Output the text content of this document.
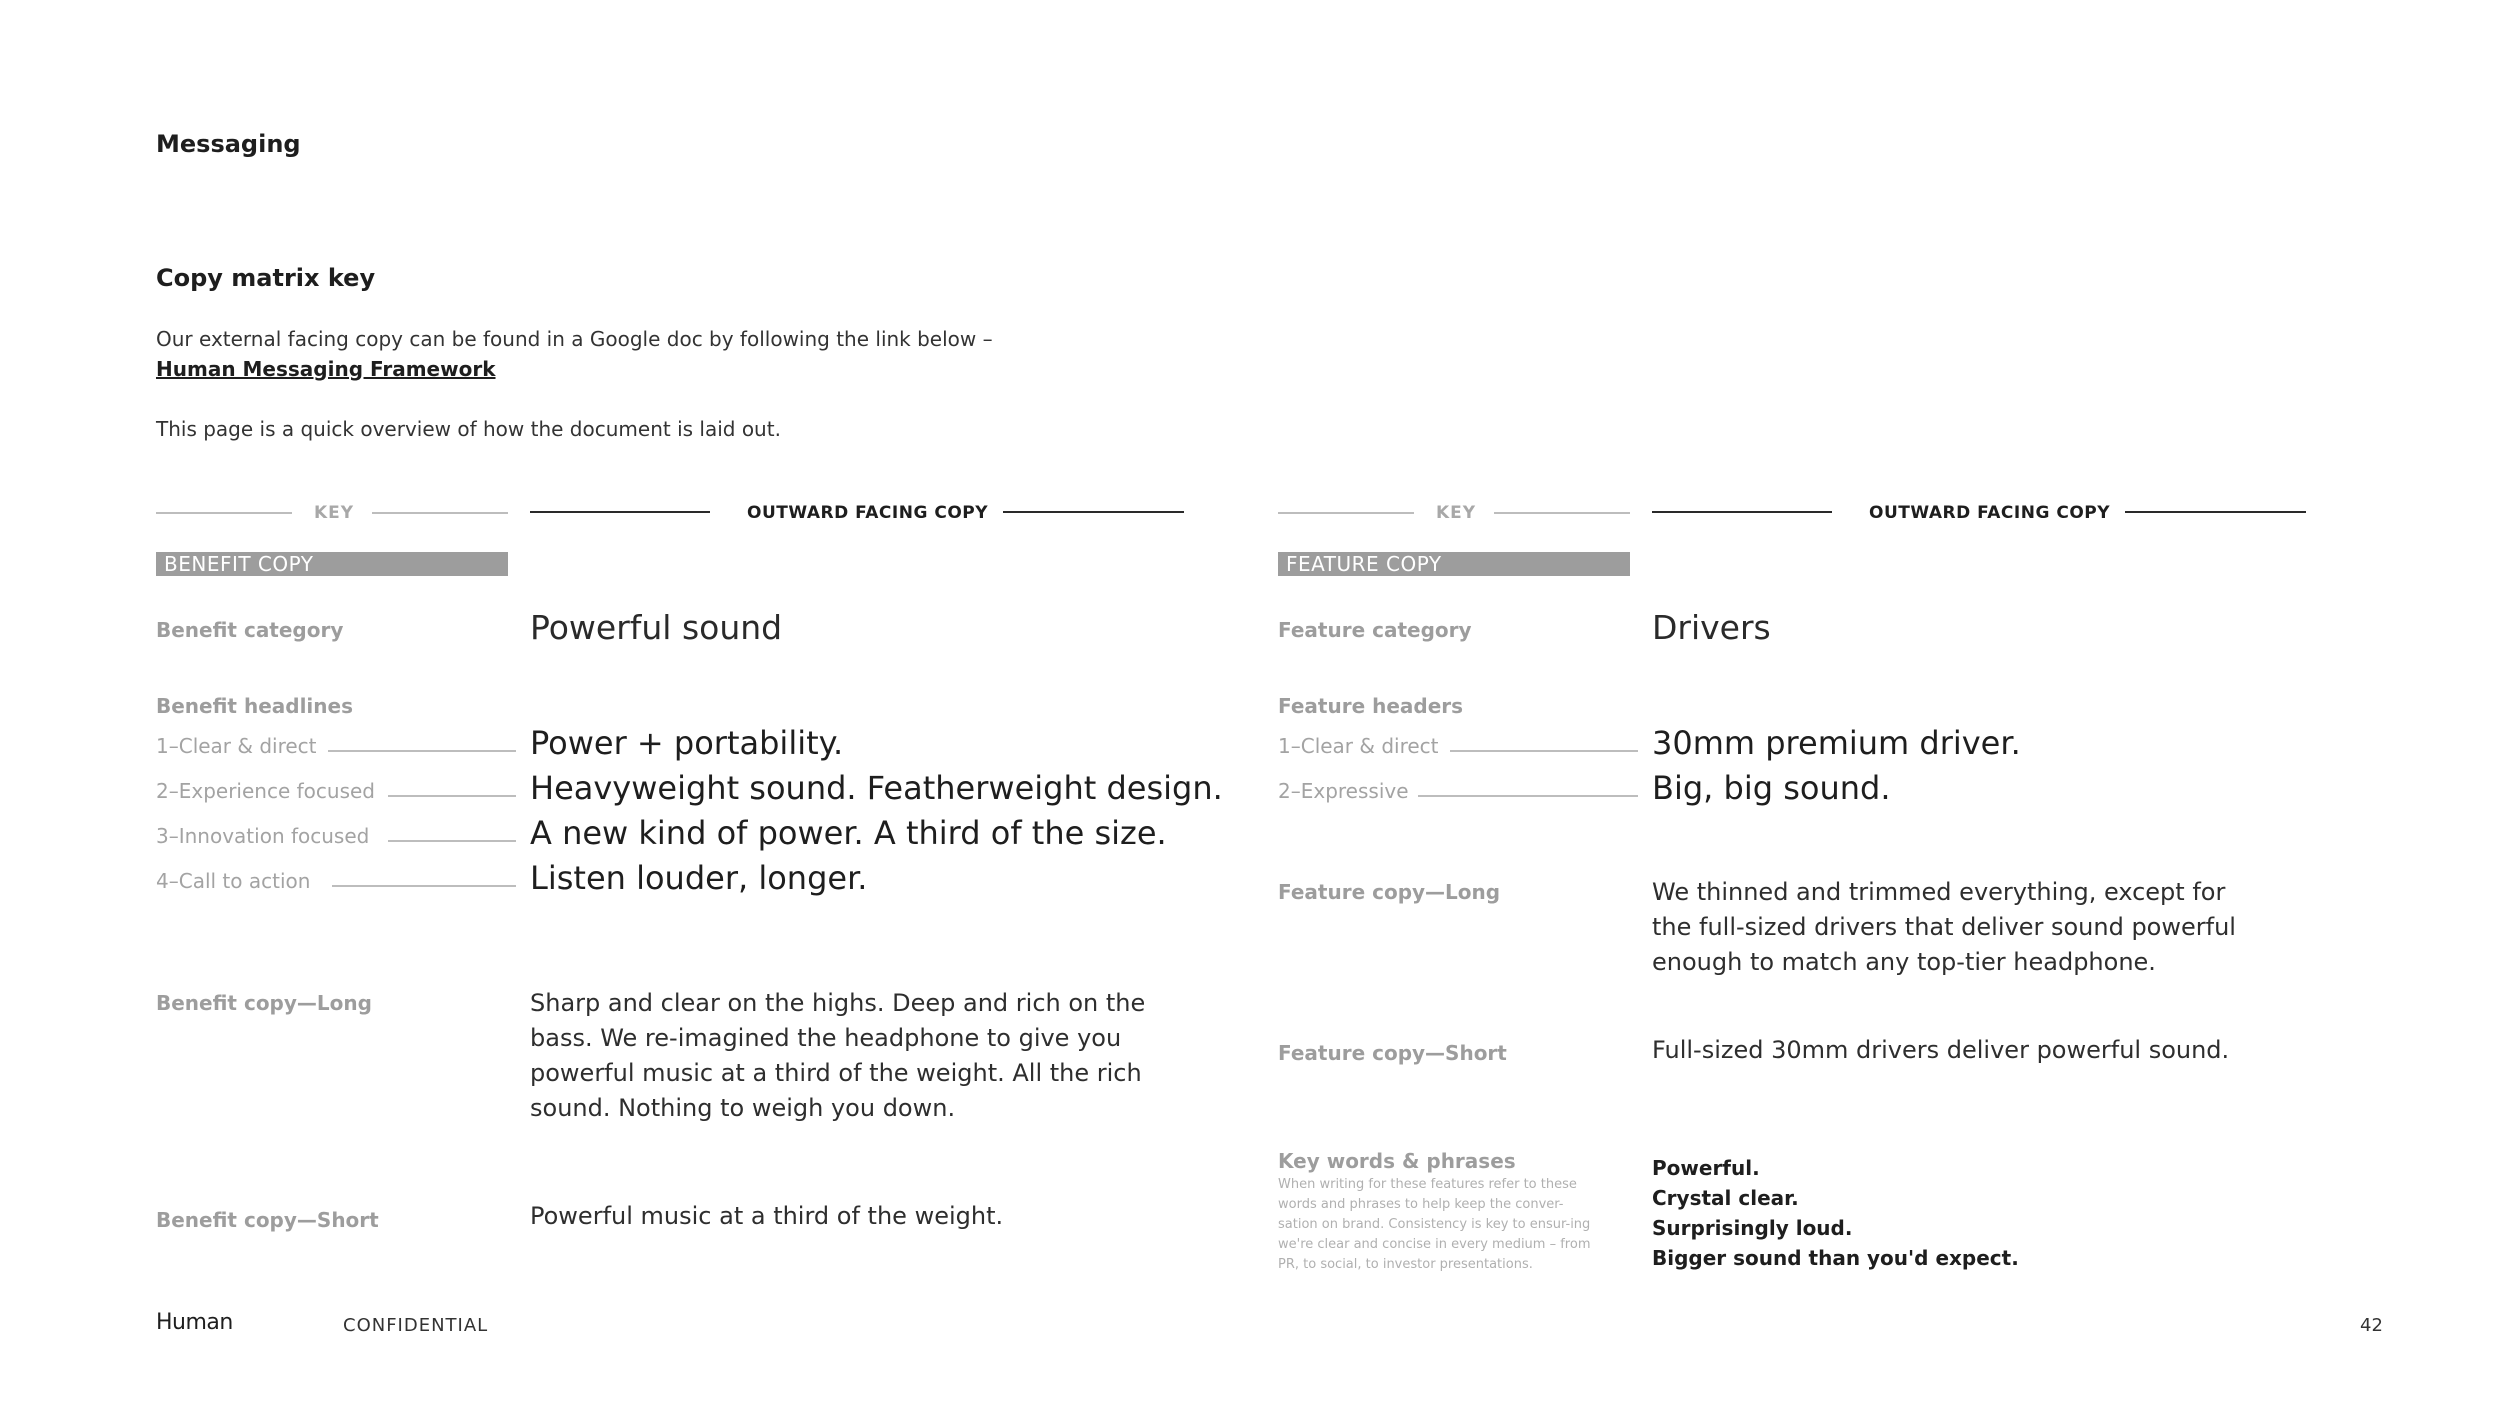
Messaging
Copy matrix key
Our external facing copy can be found in a Google doc by following the link below –
Human Messaging Framework
This page is a quick overview of how the document is laid out.
KEY	OUTWARD FACING COPY
BENEFIT COPY
Benefit category	Powerful sound
Benefit headlines
1–Clear & direct	Power + portability.
2–Experience focused	Heavyweight sound. Featherweight design.
3–Innovation focused	A new kind of power. A third of the size.
4–Call to action	Listen louder, longer.
Benefit copy—Long	Sharp and clear on the highs. Deep and rich on the bass. We re-imagined the headphone to give you powerful music at a third of the weight. All the rich sound. Nothing to weigh you down.
Benefit copy—Short	Powerful music at a third of the weight.
KEY	OUTWARD FACING COPY
FEATURE COPY
Feature category	Drivers
Feature headers
1–Clear & direct	30mm premium driver.
2–Expressive	Big, big sound.
Feature copy—Long	We thinned and trimmed everything, except for the full-sized drivers that deliver sound powerful enough to match any top-tier headphone.
Feature copy—Short	Full-sized 30mm drivers deliver powerful sound.
Key words & phrases
When writing for these features refer to these words and phrases to help keep the conver-sation on brand. Consistency is key to ensur-ing we're clear and concise in every medium – from PR, to social, to investor presentations.
Powerful.
Crystal clear.
Surprisingly loud.
Bigger sound than you'd expect.
Human	CONFIDENTIAL	42
